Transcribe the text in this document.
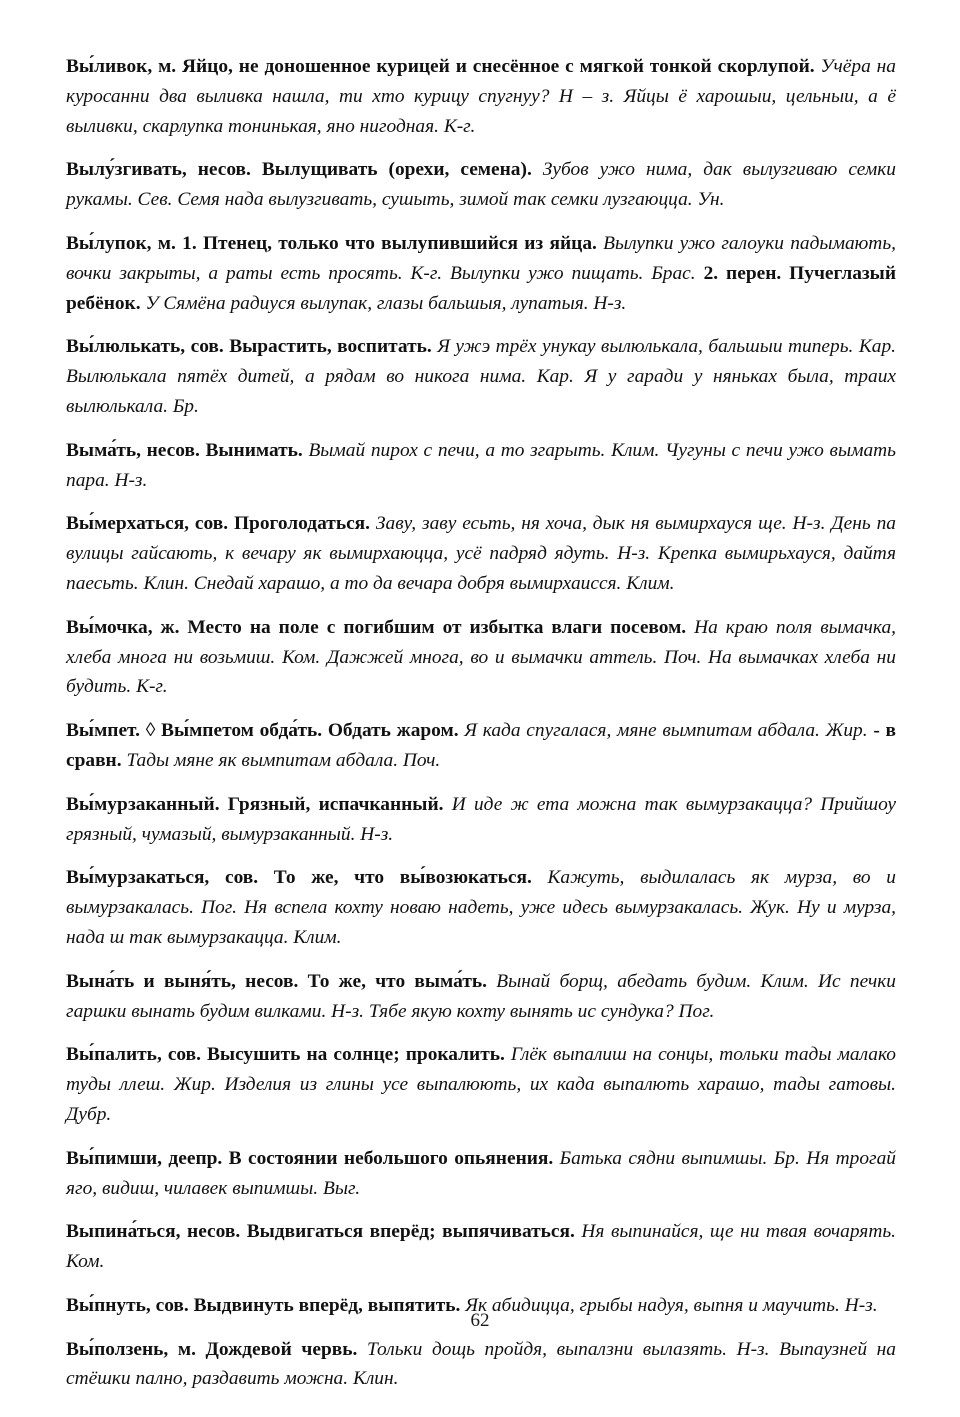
Вы́ливок, м. Яйцо, не доношенное курицей и снесённое с мягкой тонкой скорлупой. Учёра на куросанни два выливка нашла, ти хто курицу спугнуу? Н – з. Яйцы ё харошыи, цельныи, а ё выливки, скарлупка тонинькая, яно нигодная. К-г.

Вылу́згивать, несов. Вылущивать (орехи, семена). Зубов ужо нима, дак вылузгиваю семки рукамы. Сев. Семя нада вылузгивать, сушыть, зимой так семки лузгаюцца. Ун.

Вы́лупок, м. 1. Птенец, только что вылупившийся из яйца. Вылупки ужо галоуки падымають, вочки закрыты, а раты есть просять. К-г. Вылупки ужо пищать. Брас. 2. перен. Пучеглазый ребёнок. У Сямёна радиуся вылупак, глазы бальшыя, лупатыя. Н-з.

Вы́люлькать, сов. Вырастить, воспитать. Я ужэ трёх унукау вылюлькала, бальшыи типерь. Кар. Вылюлькала пятёх дитей, а рядам во никога нима. Кар. Я у гаради у няньках была, траих вылюлькала. Бр.

Выма́ть, несов. Вынимать. Вымай пирох с печи, а то згарыть. Клим. Чугуны с печи ужо вымать пара. Н-з.

Вы́мерхаться, сов. Проголодаться. Заву, заву есьть, ня хоча, дык ня вымирхауся ще. Н-з. День па вулицы гайсають, к вечару як вымирхаюцца, усё падряд ядуть. Н-з. Крепка вымирьхауся, дайтя паесьть. Клин. Снедай харашо, а то да вечара добря вымирхаисся. Клим.

Вы́мочка, ж. Место на поле с погибшим от избытка влаги посевом. На краю поля вымачка, хлеба многа ни возьмиш. Ком. Дажжей многа, во и вымачки аттель. Поч. На вымачках хлеба ни будить. К-г.

Вы́мпет. ◊ Вы́мпетом обда́ть. Обдать жаром. Я када спугалася, мяне вымпитам абдала. Жир. - в сравн. Тады мяне як вымпитам абдала. Поч.

Вы́мурзаканный. Грязный, испачканный. И иде ж ета можна так вымурзакацца? Прийшоу грязный, чумазый, вымурзаканный. Н-з.

Вы́мурзакаться, сов. То же, что вы́возюкаться. Кажуть, выдилалась як мурза, во и вымурзакалась. Пог. Ня вспела кохту новаю надеть, уже идесь вымурзакалась. Жук. Ну и мурза, нада ш так вымурзакацца. Клим.

Вына́ть и выня́ть, несов. То же, что выма́ть. Вынай борщ, абедать будим. Клим. Ис печки гаршки вынать будим вилками. Н-з. Тябе якую кохту вынять ис сундука? Пог.

Вы́палить, сов. Высушить на солнце; прокалить. Глёк выпалиш на сонцы, тольки тады малако туды ллеш. Жир. Изделия из глины усе выпалюють, их када выпалють харашо, тады гатовы. Дубр.

Вы́пимши, деепр. В состоянии небольшого опьянения. Батька сядни выпимшы. Бр. Ня трогай яго, видиш, чилавек выпимшы. Выг.

Выпина́ться, несов. Выдвигаться вперёд; выпячиваться. Ня выпинайся, ще ни твая вочарять. Ком.

Вы́пнуть, сов. Выдвинуть вперёд, выпятить. Як абидицца, грыбы надуя, выпня и маучить. Н-з.

Вы́ползень, м. Дождевой червь. Тольки дощь пройдя, выпалзни вылазять. Н-з. Выпаузней на стёшки пално, раздавить можна. Клин.

62
